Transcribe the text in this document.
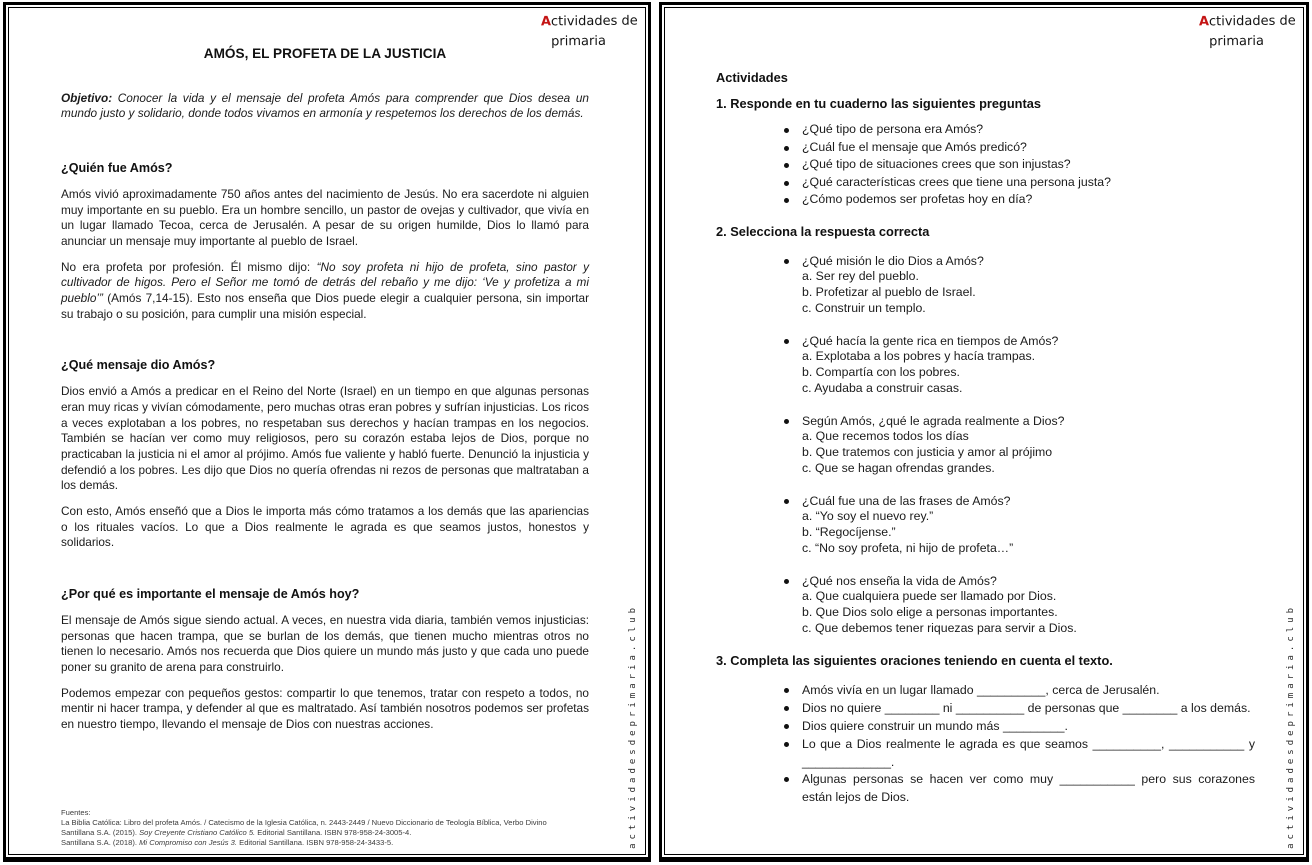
Actividades de
primaria
AMÓS, EL PROFETA DE LA JUSTICIA

Objetivo: Conocer la vida y el mensaje del profeta Amós para comprender que Dios desea un mundo justo y solidario, donde todos vivamos en armonía y respetemos los derechos de los demás.

¿Quién fue Amós?

Amós vivió aproximadamente 750 años antes del nacimiento de Jesús. No era sacerdote ni alguien muy importante en su pueblo. Era un hombre sencillo, un pastor de ovejas y cultivador, que vivía en un lugar llamado Tecoa, cerca de Jerusalén. A pesar de su origen humilde, Dios lo llamó para anunciar un mensaje muy importante al pueblo de Israel.

No era profeta por profesión. Él mismo dijo: “No soy profeta ni hijo de profeta, sino pastor y cultivador de higos. Pero el Señor me tomó de detrás del rebaño y me dijo: ‘Ve y profetiza a mi pueblo’” (Amós 7,14-15). Esto nos enseña que Dios puede elegir a cualquier persona, sin importar su trabajo o su posición, para cumplir una misión especial.

¿Qué mensaje dio Amós?

Dios envió a Amós a predicar en el Reino del Norte (Israel) en un tiempo en que algunas personas eran muy ricas y vivían cómodamente, pero muchas otras eran pobres y sufrían injusticias. Los ricos a veces explotaban a los pobres, no respetaban sus derechos y hacían trampas en los negocios. También se hacían ver como muy religiosos, pero su corazón estaba lejos de Dios, porque no practicaban la justicia ni el amor al prójimo. Amós fue valiente y habló fuerte. Denunció la injusticia y defendió a los pobres. Les dijo que Dios no quería ofrendas ni rezos de personas que maltrataban a los demás.

Con esto, Amós enseñó que a Dios le importa más cómo tratamos a los demás que las apariencias o los rituales vacíos. Lo que a Dios realmente le agrada es que seamos justos, honestos y solidarios.

¿Por qué es importante el mensaje de Amós hoy?

El mensaje de Amós sigue siendo actual. A veces, en nuestra vida diaria, también vemos injusticias: personas que hacen trampa, que se burlan de los demás, que tienen mucho mientras otros no tienen lo necesario. Amós nos recuerda que Dios quiere un mundo más justo y que cada uno puede poner su granito de arena para construirlo.

Podemos empezar con pequeños gestos: compartir lo que tenemos, tratar con respeto a todos, no mentir ni hacer trampa, y defender al que es maltratado. Así también nosotros podemos ser profetas en nuestro tiempo, llevando el mensaje de Dios con nuestras acciones.

Fuentes:
La Biblia Católica: Libro del profeta Amós. / Catecismo de la Iglesia Católica, n. 2443-2449 / Nuevo Diccionario de Teología Bíblica, Verbo Divino
Santillana S.A. (2015). Soy Creyente Cristiano Católico 5. Editorial Santillana. ISBN 978-958-24-3005-4.
Santillana S.A. (2018). Mi Compromiso con Jesús 3. Editorial Santillana. ISBN 978-958-24-3433-5.	actividadesdeprimaria.club
Actividades de
primaria
Actividades
1. Responde en tu cuaderno las siguientes preguntas
¿Qué tipo de persona era Amós?
¿Cuál fue el mensaje que Amós predicó?
¿Qué tipo de situaciones crees que son injustas?
¿Qué características crees que tiene una persona justa?
¿Cómo podemos ser profetas hoy en día?
2. Selecciona la respuesta correcta
¿Qué misión le dio Dios a Amós?
a. Ser rey del pueblo.
b. Profetizar al pueblo de Israel.
c. Construir un templo.
¿Qué hacía la gente rica en tiempos de Amós?
a. Explotaba a los pobres y hacía trampas.
b. Compartía con los pobres.
c. Ayudaba a construir casas.
Según Amós, ¿qué le agrada realmente a Dios?
a. Que recemos todos los días
b. Que tratemos con justicia y amor al prójimo
c. Que se hagan ofrendas grandes.
¿Cuál fue una de las frases de Amós?
a. “Yo soy el nuevo rey.”
b. “Regocíjense.”
c. “No soy profeta, ni hijo de profeta…”
¿Qué nos enseña la vida de Amós?
a. Que cualquiera puede ser llamado por Dios.
b. Que Dios solo elige a personas importantes.
c. Que debemos tener riquezas para servir a Dios.
3. Completa las siguientes oraciones teniendo en cuenta el texto.
Amós vivía en un lugar llamado __________, cerca de Jerusalén.
Dios no quiere ________ ni __________ de personas que ________ a los demás.
Dios quiere construir un mundo más _________.
Lo que a Dios realmente le agrada es que seamos __________, ___________ y _____________.
Algunas personas se hacen ver como muy ___________ pero sus corazones están lejos de Dios.	actividadesdeprimaria.club
